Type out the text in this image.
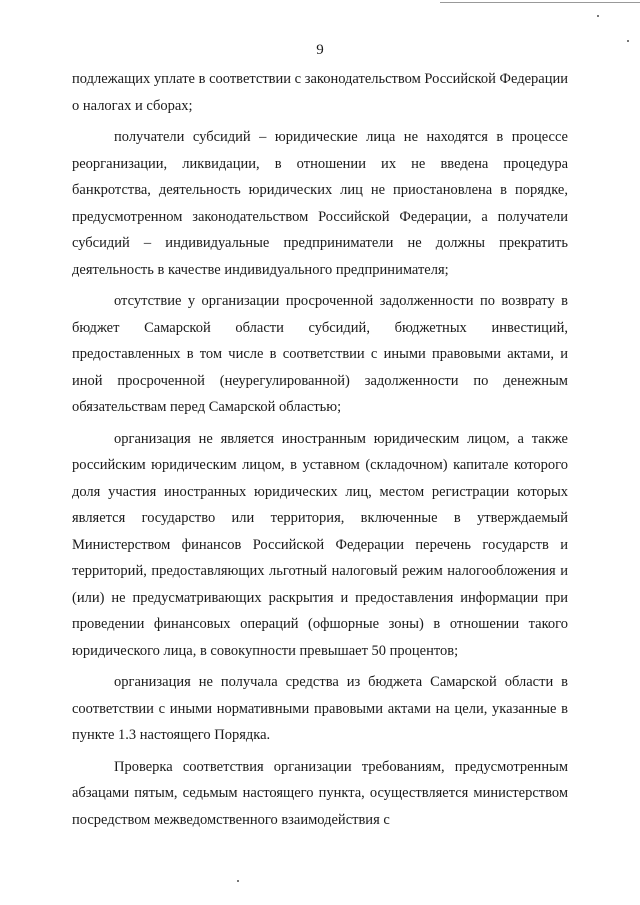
9

подлежащих уплате в соответствии с законодательством Российской Федерации о налогах и сборах;

получатели субсидий – юридические лица не находятся в процессе реорганизации, ликвидации, в отношении их не введена процедура банкротства, деятельность юридических лиц не приостановлена в порядке, предусмотренном законодательством Российской Федерации, а получатели субсидий – индивидуальные предприниматели не должны прекратить деятельность в качестве индивидуального предпринимателя;

отсутствие у организации просроченной задолженности по возврату в бюджет Самарской области субсидий, бюджетных инвестиций, предоставленных в том числе в соответствии с иными правовыми актами, и иной просроченной (неурегулированной) задолженности по денежным обязательствам перед Самарской областью;

организация не является иностранным юридическим лицом, а также российским юридическим лицом, в уставном (складочном) капитале которого доля участия иностранных юридических лиц, местом регистрации которых является государство или территория, включенные в утверждаемый Министерством финансов Российской Федерации перечень государств и территорий, предоставляющих льготный налоговый режим налогообложения и (или) не предусматривающих раскрытия и предоставления информации при проведении финансовых операций (офшорные зоны) в отношении такого юридического лица, в совокупности превышает 50 процентов;

организация не получала средства из бюджета Самарской области в соответствии с иными нормативными правовыми актами на цели, указанные в пункте 1.3 настоящего Порядка.

Проверка соответствия организации требованиям, предусмотренным абзацами пятым, седьмым настоящего пункта, осуществляется министерством посредством межведомственного взаимодействия с
